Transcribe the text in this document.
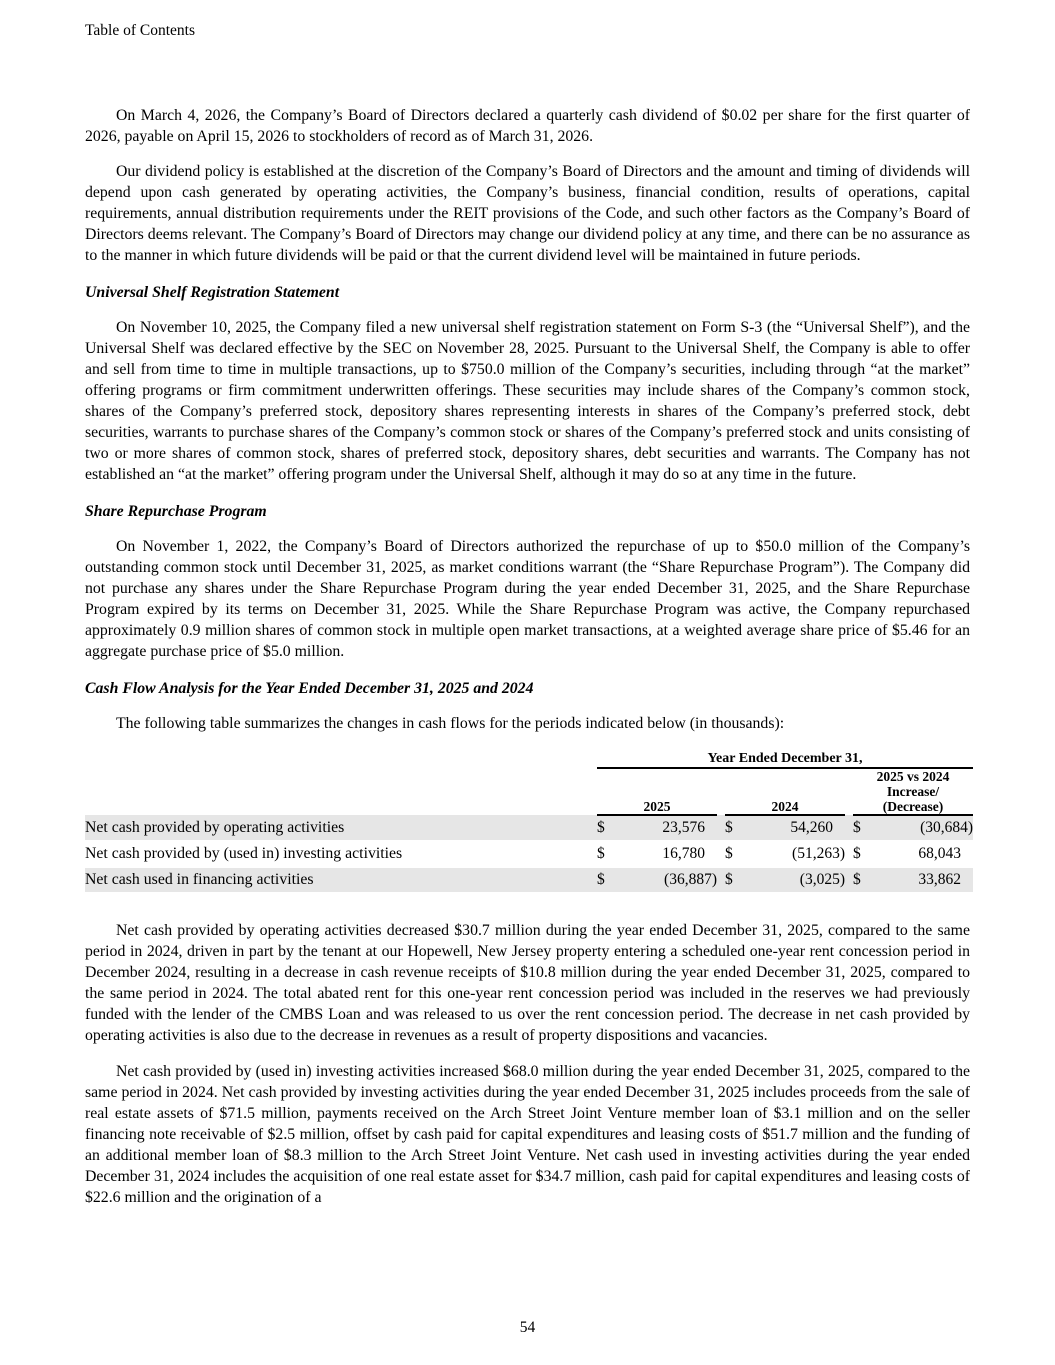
Table of Contents

On March 4, 2026, the Company’s Board of Directors declared a quarterly cash dividend of $0.02 per share for the first quarter of 2026, payable on April 15, 2026 to stockholders of record as of March 31, 2026.

Our dividend policy is established at the discretion of the Company’s Board of Directors and the amount and timing of dividends will depend upon cash generated by operating activities, the Company’s business, financial condition, results of operations, capital requirements, annual distribution requirements under the REIT provisions of the Code, and such other factors as the Company’s Board of Directors deems relevant. The Company’s Board of Directors may change our dividend policy at any time, and there can be no assurance as to the manner in which future dividends will be paid or that the current dividend level will be maintained in future periods.

Universal Shelf Registration Statement

On November 10, 2025, the Company filed a new universal shelf registration statement on Form S-3 (the “Universal Shelf”), and the Universal Shelf was declared effective by the SEC on November 28, 2025. Pursuant to the Universal Shelf, the Company is able to offer and sell from time to time in multiple transactions, up to $750.0 million of the Company’s securities, including through “at the market” offering programs or firm commitment underwritten offerings. These securities may include shares of the Company’s common stock, shares of the Company’s preferred stock, depository shares representing interests in shares of the Company’s preferred stock, debt securities, warrants to purchase shares of the Company’s common stock or shares of the Company’s preferred stock and units consisting of two or more shares of common stock, shares of preferred stock, depository shares, debt securities and warrants. The Company has not established an “at the market” offering program under the Universal Shelf, although it may do so at any time in the future.

Share Repurchase Program

On November 1, 2022, the Company’s Board of Directors authorized the repurchase of up to $50.0 million of the Company’s outstanding common stock until December 31, 2025, as market conditions warrant (the “Share Repurchase Program”). The Company did not purchase any shares under the Share Repurchase Program during the year ended December 31, 2025, and the Share Repurchase Program expired by its terms on December 31, 2025. While the Share Repurchase Program was active, the Company repurchased approximately 0.9 million shares of common stock in multiple open market transactions, at a weighted average share price of $5.46 for an aggregate purchase price of $5.0 million.

Cash Flow Analysis for the Year Ended December 31, 2025 and 2024

The following table summarizes the changes in cash flows for the periods indicated below (in thousands):

	Year Ended December 31,							
	2025			2024			2025 vs 2024
Increase/
(Decrease)	

Net cash provided by operating activities	$	23,576		$	54,260		$	(30,684)
Net cash provided by (used in) investing activities	$	16,780		$	(51,263)		$	68,043
Net cash used in financing activities	$	(36,887)		$	(3,025)		$	33,862

Net cash provided by operating activities decreased $30.7 million during the year ended December 31, 2025, compared to the same period in 2024, driven in part by the tenant at our Hopewell, New Jersey property entering a scheduled one-year rent concession period in December 2024, resulting in a decrease in cash revenue receipts of $10.8 million during the year ended December 31, 2025, compared to the same period in 2024. The total abated rent for this one-year rent concession period was included in the reserves we had previously funded with the lender of the CMBS Loan and was released to us over the rent concession period. The decrease in net cash provided by operating activities is also due to the decrease in revenues as a result of property dispositions and vacancies.

Net cash provided by (used in) investing activities increased $68.0 million during the year ended December 31, 2025, compared to the same period in 2024. Net cash provided by investing activities during the year ended December 31, 2025 includes proceeds from the sale of real estate assets of $71.5 million, payments received on the Arch Street Joint Venture member loan of $3.1 million and on the seller financing note receivable of $2.5 million, offset by cash paid for capital expenditures and leasing costs of $51.7 million and the funding of an additional member loan of $8.3 million to the Arch Street Joint Venture. Net cash used in investing activities during the year ended December 31, 2024 includes the acquisition of one real estate asset for $34.7 million, cash paid for capital expenditures and leasing costs of $22.6 million and the origination of a

54
